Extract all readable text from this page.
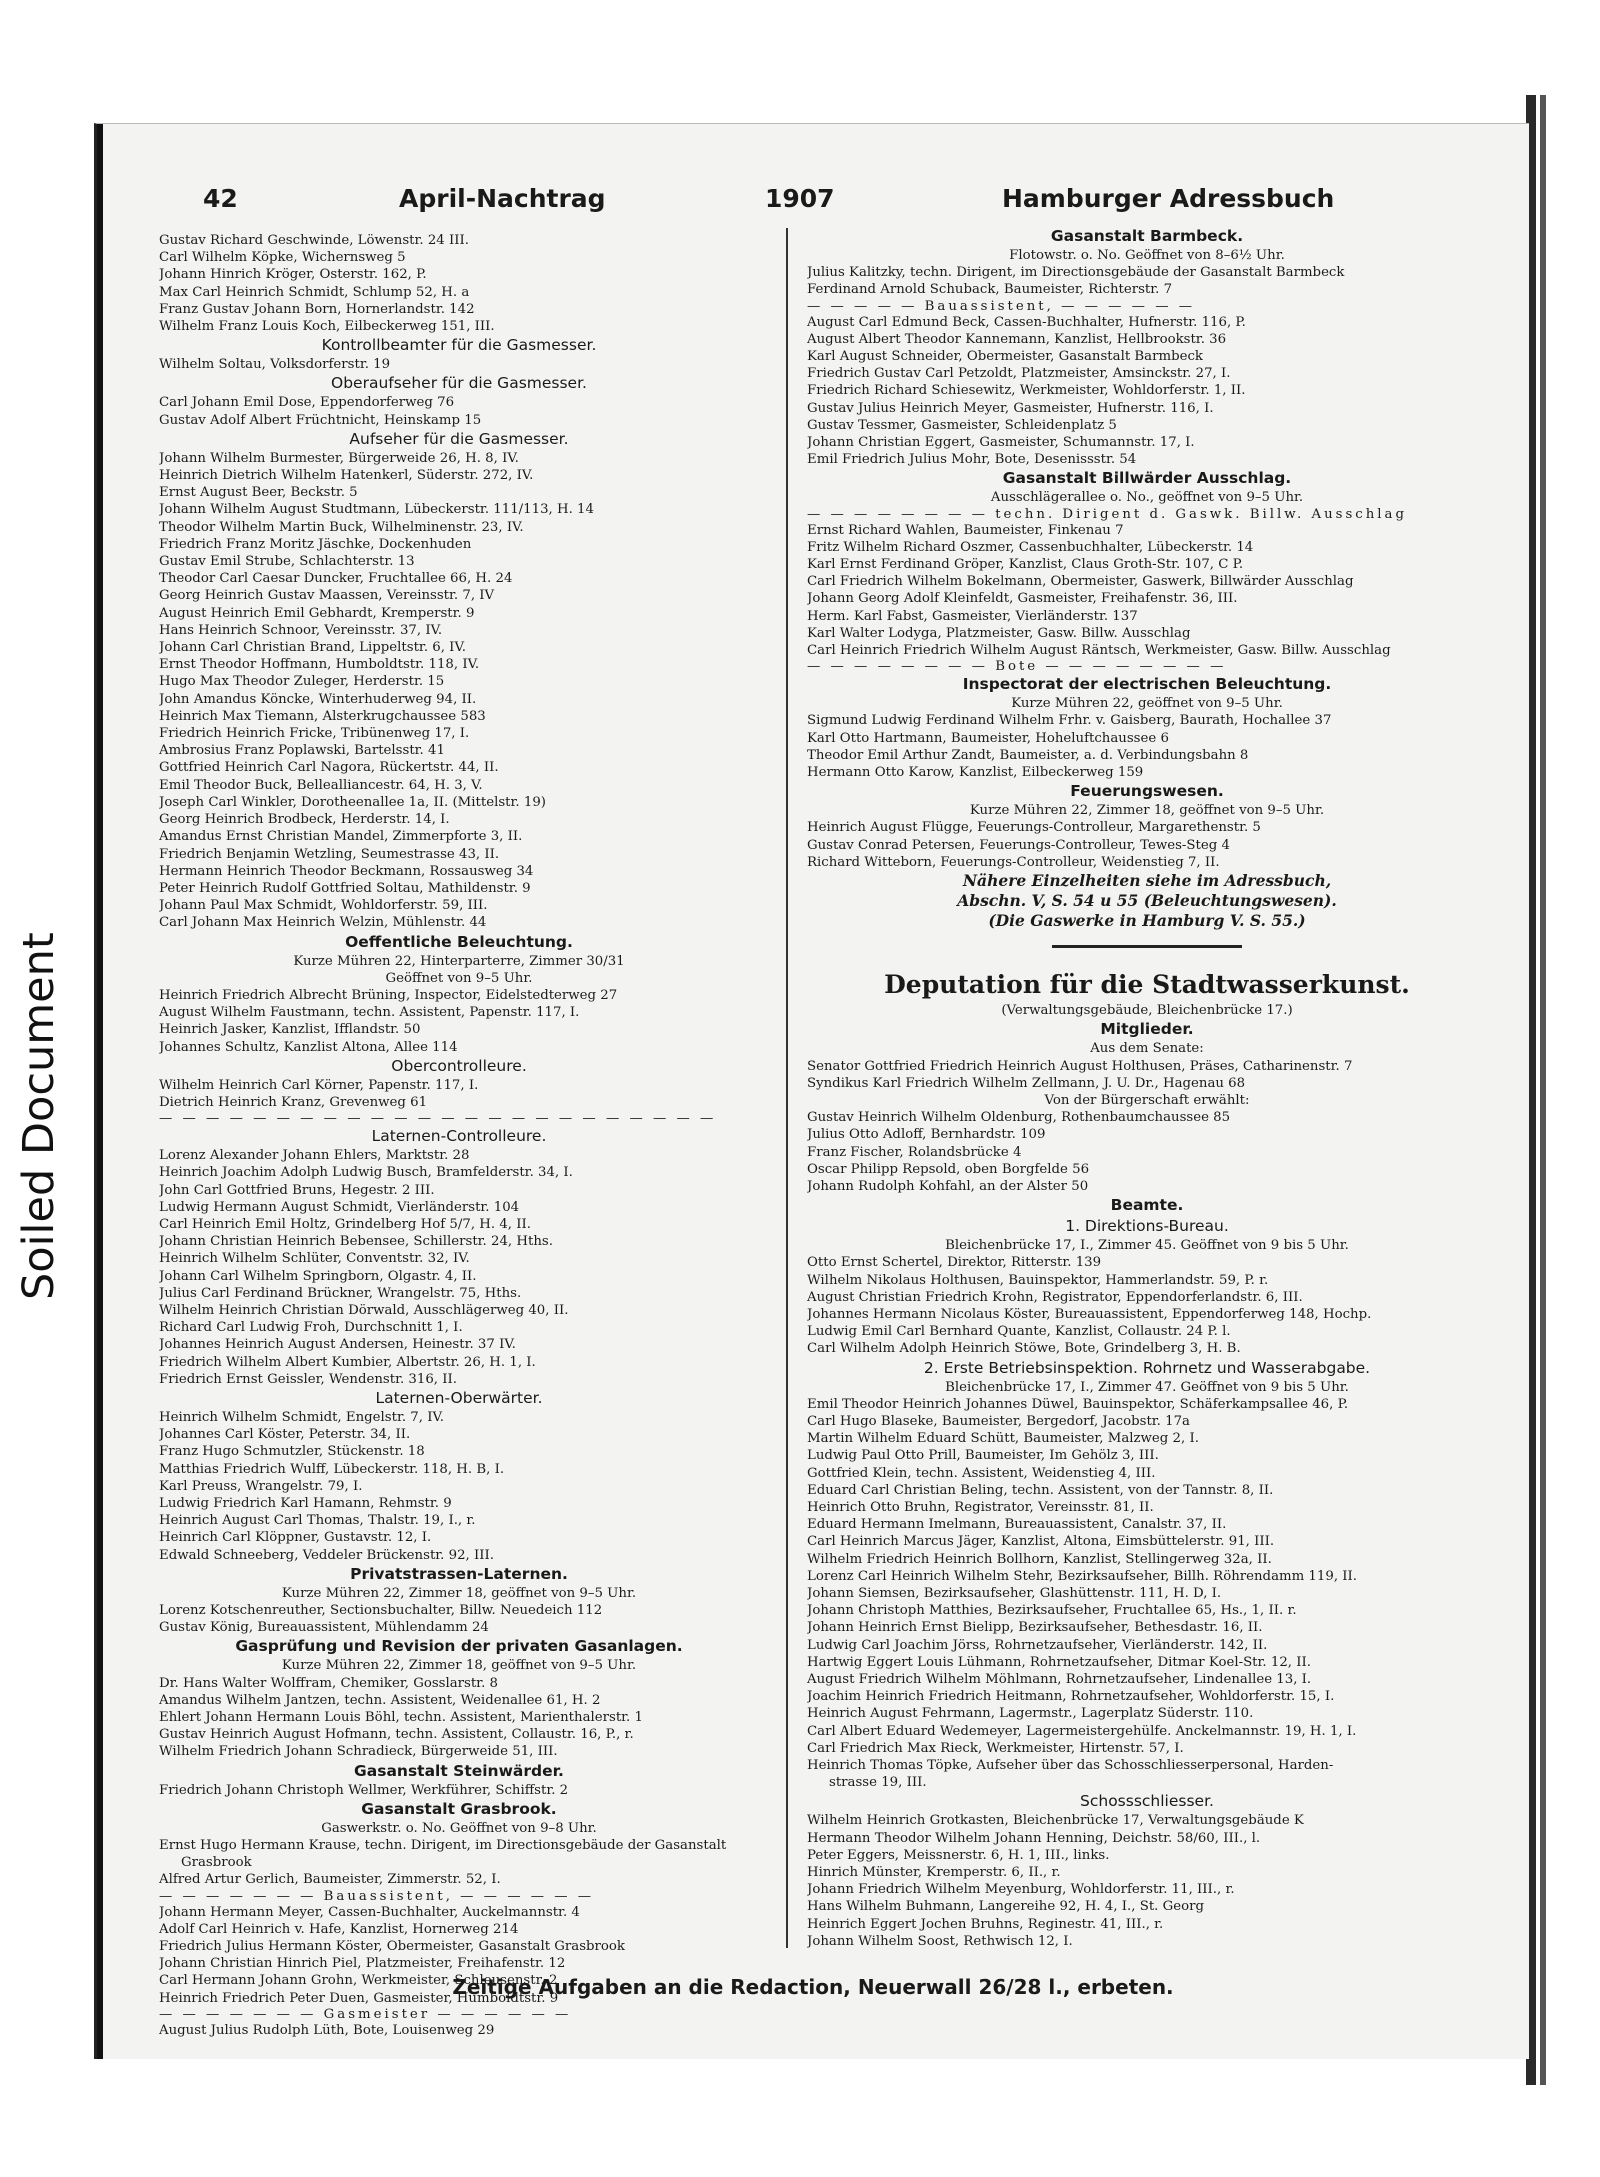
Soiled Document
42	April-Nachtrag	1907	Hamburger Adressbuch
Gustav Richard Geschwinde, Löwenstr. 24 III.
Carl Wilhelm Köpke, Wichernsweg 5
Johann Hinrich Kröger, Osterstr. 162, P.
Max Carl Heinrich Schmidt, Schlump 52, H. a
Franz Gustav Johann Born, Hornerlandstr. 142
Wilhelm Franz Louis Koch, Eilbeckerweg 151, III.
Kontrollbeamter für die Gasmesser.
Wilhelm Soltau, Volksdorferstr. 19
Oberaufseher für die Gasmesser.
Carl Johann Emil Dose, Eppendorferweg 76
Gustav Adolf Albert Früchtnicht, Heinskamp 15
Aufseher für die Gasmesser.
Johann Wilhelm Burmester, Bürgerweide 26, H. 8, IV.
Heinrich Dietrich Wilhelm Hatenkerl, Süderstr. 272, IV.
Ernst August Beer, Beckstr. 5
Johann Wilhelm August Studtmann, Lübeckerstr. 111/113, H. 14
Theodor Wilhelm Martin Buck, Wilhelminenstr. 23, IV.
Friedrich Franz Moritz Jäschke, Dockenhuden
Gustav Emil Strube, Schlachterstr. 13
Theodor Carl Caesar Duncker, Fruchtallee 66, H. 24
Georg Heinrich Gustav Maassen, Vereinsstr. 7, IV
August Heinrich Emil Gebhardt, Kremperstr. 9
Hans Heinrich Schnoor, Vereinsstr. 37, IV.
Johann Carl Christian Brand, Lippeltstr. 6, IV.
Ernst Theodor Hoffmann, Humboldtstr. 118, IV.
Hugo Max Theodor Zuleger, Herderstr. 15
John Amandus Köncke, Winterhuderweg 94, II.
Heinrich Max Tiemann, Alsterkrugchaussee 583
Friedrich Heinrich Fricke, Tribünenweg 17, I.
Ambrosius Franz Poplawski, Bartelsstr. 41
Gottfried Heinrich Carl Nagora, Rückertstr. 44, II.
Emil Theodor Buck, Bellealliancestr. 64, H. 3, V.
Joseph Carl Winkler, Dorotheenallee 1a, II. (Mittelstr. 19)
Georg Heinrich Brodbeck, Herderstr. 14, I.
Amandus Ernst Christian Mandel, Zimmerpforte 3, II.
Friedrich Benjamin Wetzling, Seumestrasse 43, II.
Hermann Heinrich Theodor Beckmann, Rossausweg 34
Peter Heinrich Rudolf Gottfried Soltau, Mathildenstr. 9
Johann Paul Max Schmidt, Wohldorferstr. 59, III.
Carl Johann Max Heinrich Welzin, Mühlenstr. 44
Oeffentliche Beleuchtung.
Kurze Mühren 22, Hinterparterre, Zimmer 30/31
Geöffnet von 9–5 Uhr.
Heinrich Friedrich Albrecht Brüning, Inspector, Eidelstedterweg 27
August Wilhelm Faustmann, techn. Assistent, Papenstr. 117, I.
Heinrich Jasker, Kanzlist, Ifflandstr. 50
Johannes Schultz, Kanzlist Altona, Allee 114
Obercontrolleure.
Wilhelm Heinrich Carl Körner, Papenstr. 117, I.
Dietrich Heinrich Kranz, Grevenweg 61
— — — — — — — — — — — — — — — — — — — — — — — —
Laternen-Controlleure.
Lorenz Alexander Johann Ehlers, Marktstr. 28
Heinrich Joachim Adolph Ludwig Busch, Bramfelderstr. 34, I.
John Carl Gottfried Bruns, Hegestr. 2 III.
Ludwig Hermann August Schmidt, Vierländerstr. 104
Carl Heinrich Emil Holtz, Grindelberg Hof 5/7, H. 4, II.
Johann Christian Heinrich Bebensee, Schillerstr. 24, Hths.
Heinrich Wilhelm Schlüter, Conventstr. 32, IV.
Johann Carl Wilhelm Springborn, Olgastr. 4, II.
Julius Carl Ferdinand Brückner, Wrangelstr. 75, Hths.
Wilhelm Heinrich Christian Dörwald, Ausschlägerweg 40, II.
Richard Carl Ludwig Froh, Durchschnitt 1, I.
Johannes Heinrich August Andersen, Heinestr. 37 IV.
Friedrich Wilhelm Albert Kumbier, Albertstr. 26, H. 1, I.
Friedrich Ernst Geissler, Wendenstr. 316, II.
Laternen-Oberwärter.
Heinrich Wilhelm Schmidt, Engelstr. 7, IV.
Johannes Carl Köster, Peterstr. 34, II.
Franz Hugo Schmutzler, Stückenstr. 18
Matthias Friedrich Wulff, Lübeckerstr. 118, H. B, I.
Karl Preuss, Wrangelstr. 79, I.
Ludwig Friedrich Karl Hamann, Rehmstr. 9
Heinrich August Carl Thomas, Thalstr. 19, I., r.
Heinrich Carl Klöppner, Gustavstr. 12, I.
Edwald Schneeberg, Veddeler Brückenstr. 92, III.
Privatstrassen-Laternen.
Kurze Mühren 22, Zimmer 18, geöffnet von 9–5 Uhr.
Lorenz Kotschenreuther, Sectionsbuchalter, Billw. Neuedeich 112
Gustav König, Bureauassistent, Mühlendamm 24
Gasprüfung und Revision der privaten Gasanlagen.
Kurze Mühren 22, Zimmer 18, geöffnet von 9–5 Uhr.
Dr. Hans Walter Wolffram, Chemiker, Gosslarstr. 8
Amandus Wilhelm Jantzen, techn. Assistent, Weidenallee 61, H. 2
Ehlert Johann Hermann Louis Böhl, techn. Assistent, Marienthalerstr. 1
Gustav Heinrich August Hofmann, techn. Assistent, Collaustr. 16, P., r.
Wilhelm Friedrich Johann Schradieck, Bürgerweide 51, III.
Gasanstalt Steinwärder.
Friedrich Johann Christoph Wellmer, Werkführer, Schiffstr. 2
Gasanstalt Grasbrook.
Gaswerkstr. o. No. Geöffnet von 9–8 Uhr.
Ernst Hugo Hermann Krause, techn. Dirigent, im Directionsgebäude der Gasanstalt
Grasbrook
Alfred Artur Gerlich, Baumeister, Zimmerstr. 52, I.
— — — — — — — Bauassistent, — — — — — —
Johann Hermann Meyer, Cassen-Buchhalter, Auckelmannstr. 4
Adolf Carl Heinrich v. Hafe, Kanzlist, Hornerweg 214
Friedrich Julius Hermann Köster, Obermeister, Gasanstalt Grasbrook
Johann Christian Hinrich Piel, Platzmeister, Freihafenstr. 12
Carl Hermann Johann Grohn, Werkmeister, Schleusenstr. 2
Heinrich Friedrich Peter Duen, Gasmeister, Humboldtstr. 9
— — — — — — — Gasmeister — — — — — —
August Julius Rudolph Lüth, Bote, Louisenweg 29
Gasanstalt Barmbeck.
Flotowstr. o. No. Geöffnet von 8–6½ Uhr.
Julius Kalitzky, techn. Dirigent, im Directionsgebäude der Gasanstalt Barmbeck
Ferdinand Arnold Schuback, Baumeister, Richterstr. 7
— — — — — Bauassistent, — — — — — —
August Carl Edmund Beck, Cassen-Buchhalter, Hufnerstr. 116, P.
August Albert Theodor Kannemann, Kanzlist, Hellbrookstr. 36
Karl August Schneider, Obermeister, Gasanstalt Barmbeck
Friedrich Gustav Carl Petzoldt, Platzmeister, Amsinckstr. 27, I.
Friedrich Richard Schiesewitz, Werkmeister, Wohldorferstr. 1, II.
Gustav Julius Heinrich Meyer, Gasmeister, Hufnerstr. 116, I.
Gustav Tessmer, Gasmeister, Schleidenplatz 5
Johann Christian Eggert, Gasmeister, Schumannstr. 17, I.
Emil Friedrich Julius Mohr, Bote, Desenissstr. 54
Gasanstalt Billwärder Ausschlag.
Ausschlägerallee o. No., geöffnet von 9–5 Uhr.
— — — — — — — — techn. Dirigent d. Gaswk. Billw. Ausschlag
Ernst Richard Wahlen, Baumeister, Finkenau 7
Fritz Wilhelm Richard Oszmer, Cassenbuchhalter, Lübeckerstr. 14
Karl Ernst Ferdinand Gröper, Kanzlist, Claus Groth-Str. 107, C P.
Carl Friedrich Wilhelm Bokelmann, Obermeister, Gaswerk, Billwärder Ausschlag
Johann Georg Adolf Kleinfeldt, Gasmeister, Freihafenstr. 36, III.
Herm. Karl Fabst, Gasmeister, Vierländerstr. 137
Karl Walter Lodyga, Platzmeister, Gasw. Billw. Ausschlag
Carl Heinrich Friedrich Wilhelm August Räntsch, Werkmeister, Gasw. Billw. Ausschlag
— — — — — — — — Bote — — — — — — — —
Inspectorat der electrischen Beleuchtung.
Kurze Mühren 22, geöffnet von 9–5 Uhr.
Sigmund Ludwig Ferdinand Wilhelm Frhr. v. Gaisberg, Baurath, Hochallee 37
Karl Otto Hartmann, Baumeister, Hoheluftchaussee 6
Theodor Emil Arthur Zandt, Baumeister, a. d. Verbindungsbahn 8
Hermann Otto Karow, Kanzlist, Eilbeckerweg 159
Feuerungswesen.
Kurze Mühren 22, Zimmer 18, geöffnet von 9–5 Uhr.
Heinrich August Flügge, Feuerungs-Controlleur, Margarethenstr. 5
Gustav Conrad Petersen, Feuerungs-Controlleur, Tewes-Steg 4
Richard Witteborn, Feuerungs-Controlleur, Weidenstieg 7, II.
Nähere Einzelheiten siehe im Adressbuch,
Abschn. V, S. 54 u 55 (Beleuchtungswesen).
(Die Gaswerke in Hamburg V. S. 55.)
Deputation für die Stadtwasserkunst.
(Verwaltungsgebäude, Bleichenbrücke 17.)
Mitglieder.
Aus dem Senate:
Senator Gottfried Friedrich Heinrich August Holthusen, Präses, Catharinenstr. 7
Syndikus Karl Friedrich Wilhelm Zellmann, J. U. Dr., Hagenau 68
Von der Bürgerschaft erwählt:
Gustav Heinrich Wilhelm Oldenburg, Rothenbaumchaussee 85
Julius Otto Adloff, Bernhardstr. 109
Franz Fischer, Rolandsbrücke 4
Oscar Philipp Repsold, oben Borgfelde 56
Johann Rudolph Kohfahl, an der Alster 50
Beamte.
1. Direktions-Bureau.
Bleichenbrücke 17, I., Zimmer 45. Geöffnet von 9 bis 5 Uhr.
Otto Ernst Schertel, Direktor, Ritterstr. 139
Wilhelm Nikolaus Holthusen, Bauinspektor, Hammerlandstr. 59, P. r.
August Christian Friedrich Krohn, Registrator, Eppendorferlandstr. 6, III.
Johannes Hermann Nicolaus Köster, Bureauassistent, Eppendorferweg 148, Hochp.
Ludwig Emil Carl Bernhard Quante, Kanzlist, Collaustr. 24 P. l.
Carl Wilhelm Adolph Heinrich Stöwe, Bote, Grindelberg 3, H. B.
2. Erste Betriebsinspektion. Rohrnetz und Wasserabgabe.
Bleichenbrücke 17, I., Zimmer 47. Geöffnet von 9 bis 5 Uhr.
Emil Theodor Heinrich Johannes Düwel, Bauinspektor, Schäferkampsallee 46, P.
Carl Hugo Blaseke, Baumeister, Bergedorf, Jacobstr. 17a
Martin Wilhelm Eduard Schütt, Baumeister, Malzweg 2, I.
Ludwig Paul Otto Prill, Baumeister, Im Gehölz 3, III.
Gottfried Klein, techn. Assistent, Weidenstieg 4, III.
Eduard Carl Christian Beling, techn. Assistent, von der Tannstr. 8, II.
Heinrich Otto Bruhn, Registrator, Vereinsstr. 81, II.
Eduard Hermann Imelmann, Bureauassistent, Canalstr. 37, II.
Carl Heinrich Marcus Jäger, Kanzlist, Altona, Eimsbüttelerstr. 91, III.
Wilhelm Friedrich Heinrich Bollhorn, Kanzlist, Stellingerweg 32a, II.
Lorenz Carl Heinrich Wilhelm Stehr, Bezirksaufseher, Billh. Röhrendamm 119, II.
Johann Siemsen, Bezirksaufseher, Glashüttenstr. 111, H. D, I.
Johann Christoph Matthies, Bezirksaufseher, Fruchtallee 65, Hs., 1, II. r.
Johann Heinrich Ernst Bielipp, Bezirksaufseher, Bethesdastr. 16, II.
Ludwig Carl Joachim Jörss, Rohrnetzaufseher, Vierländerstr. 142, II.
Hartwig Eggert Louis Lühmann, Rohrnetzaufseher, Ditmar Koel-Str. 12, II.
August Friedrich Wilhelm Möhlmann, Rohrnetzaufseher, Lindenallee 13, I.
Joachim Heinrich Friedrich Heitmann, Rohrnetzaufseher, Wohldorferstr. 15, I.
Heinrich August Fehrmann, Lagermstr., Lagerplatz Süderstr. 110.
Carl Albert Eduard Wedemeyer, Lagermeistergehülfe. Anckelmannstr. 19, H. 1, I.
Carl Friedrich Max Rieck, Werkmeister, Hirtenstr. 57, I.
Heinrich Thomas Töpke, Aufseher über das Schosschliesserpersonal, Harden-
strasse 19, III.
Schossschliesser.
Wilhelm Heinrich Grotkasten, Bleichenbrücke 17, Verwaltungsgebäude K
Hermann Theodor Wilhelm Johann Henning, Deichstr. 58/60, III., l.
Peter Eggers, Meissnerstr. 6, H. 1, III., links.
Hinrich Münster, Kremperstr. 6, II., r.
Johann Friedrich Wilhelm Meyenburg, Wohldorferstr. 11, III., r.
Hans Wilhelm Buhmann, Langereihe 92, H. 4, I., St. Georg
Heinrich Eggert Jochen Bruhns, Reginestr. 41, III., r.
Johann Wilhelm Soost, Rethwisch 12, I.
Zeitige Aufgaben an die Redaction, Neuerwall 26/28 l., erbeten.
